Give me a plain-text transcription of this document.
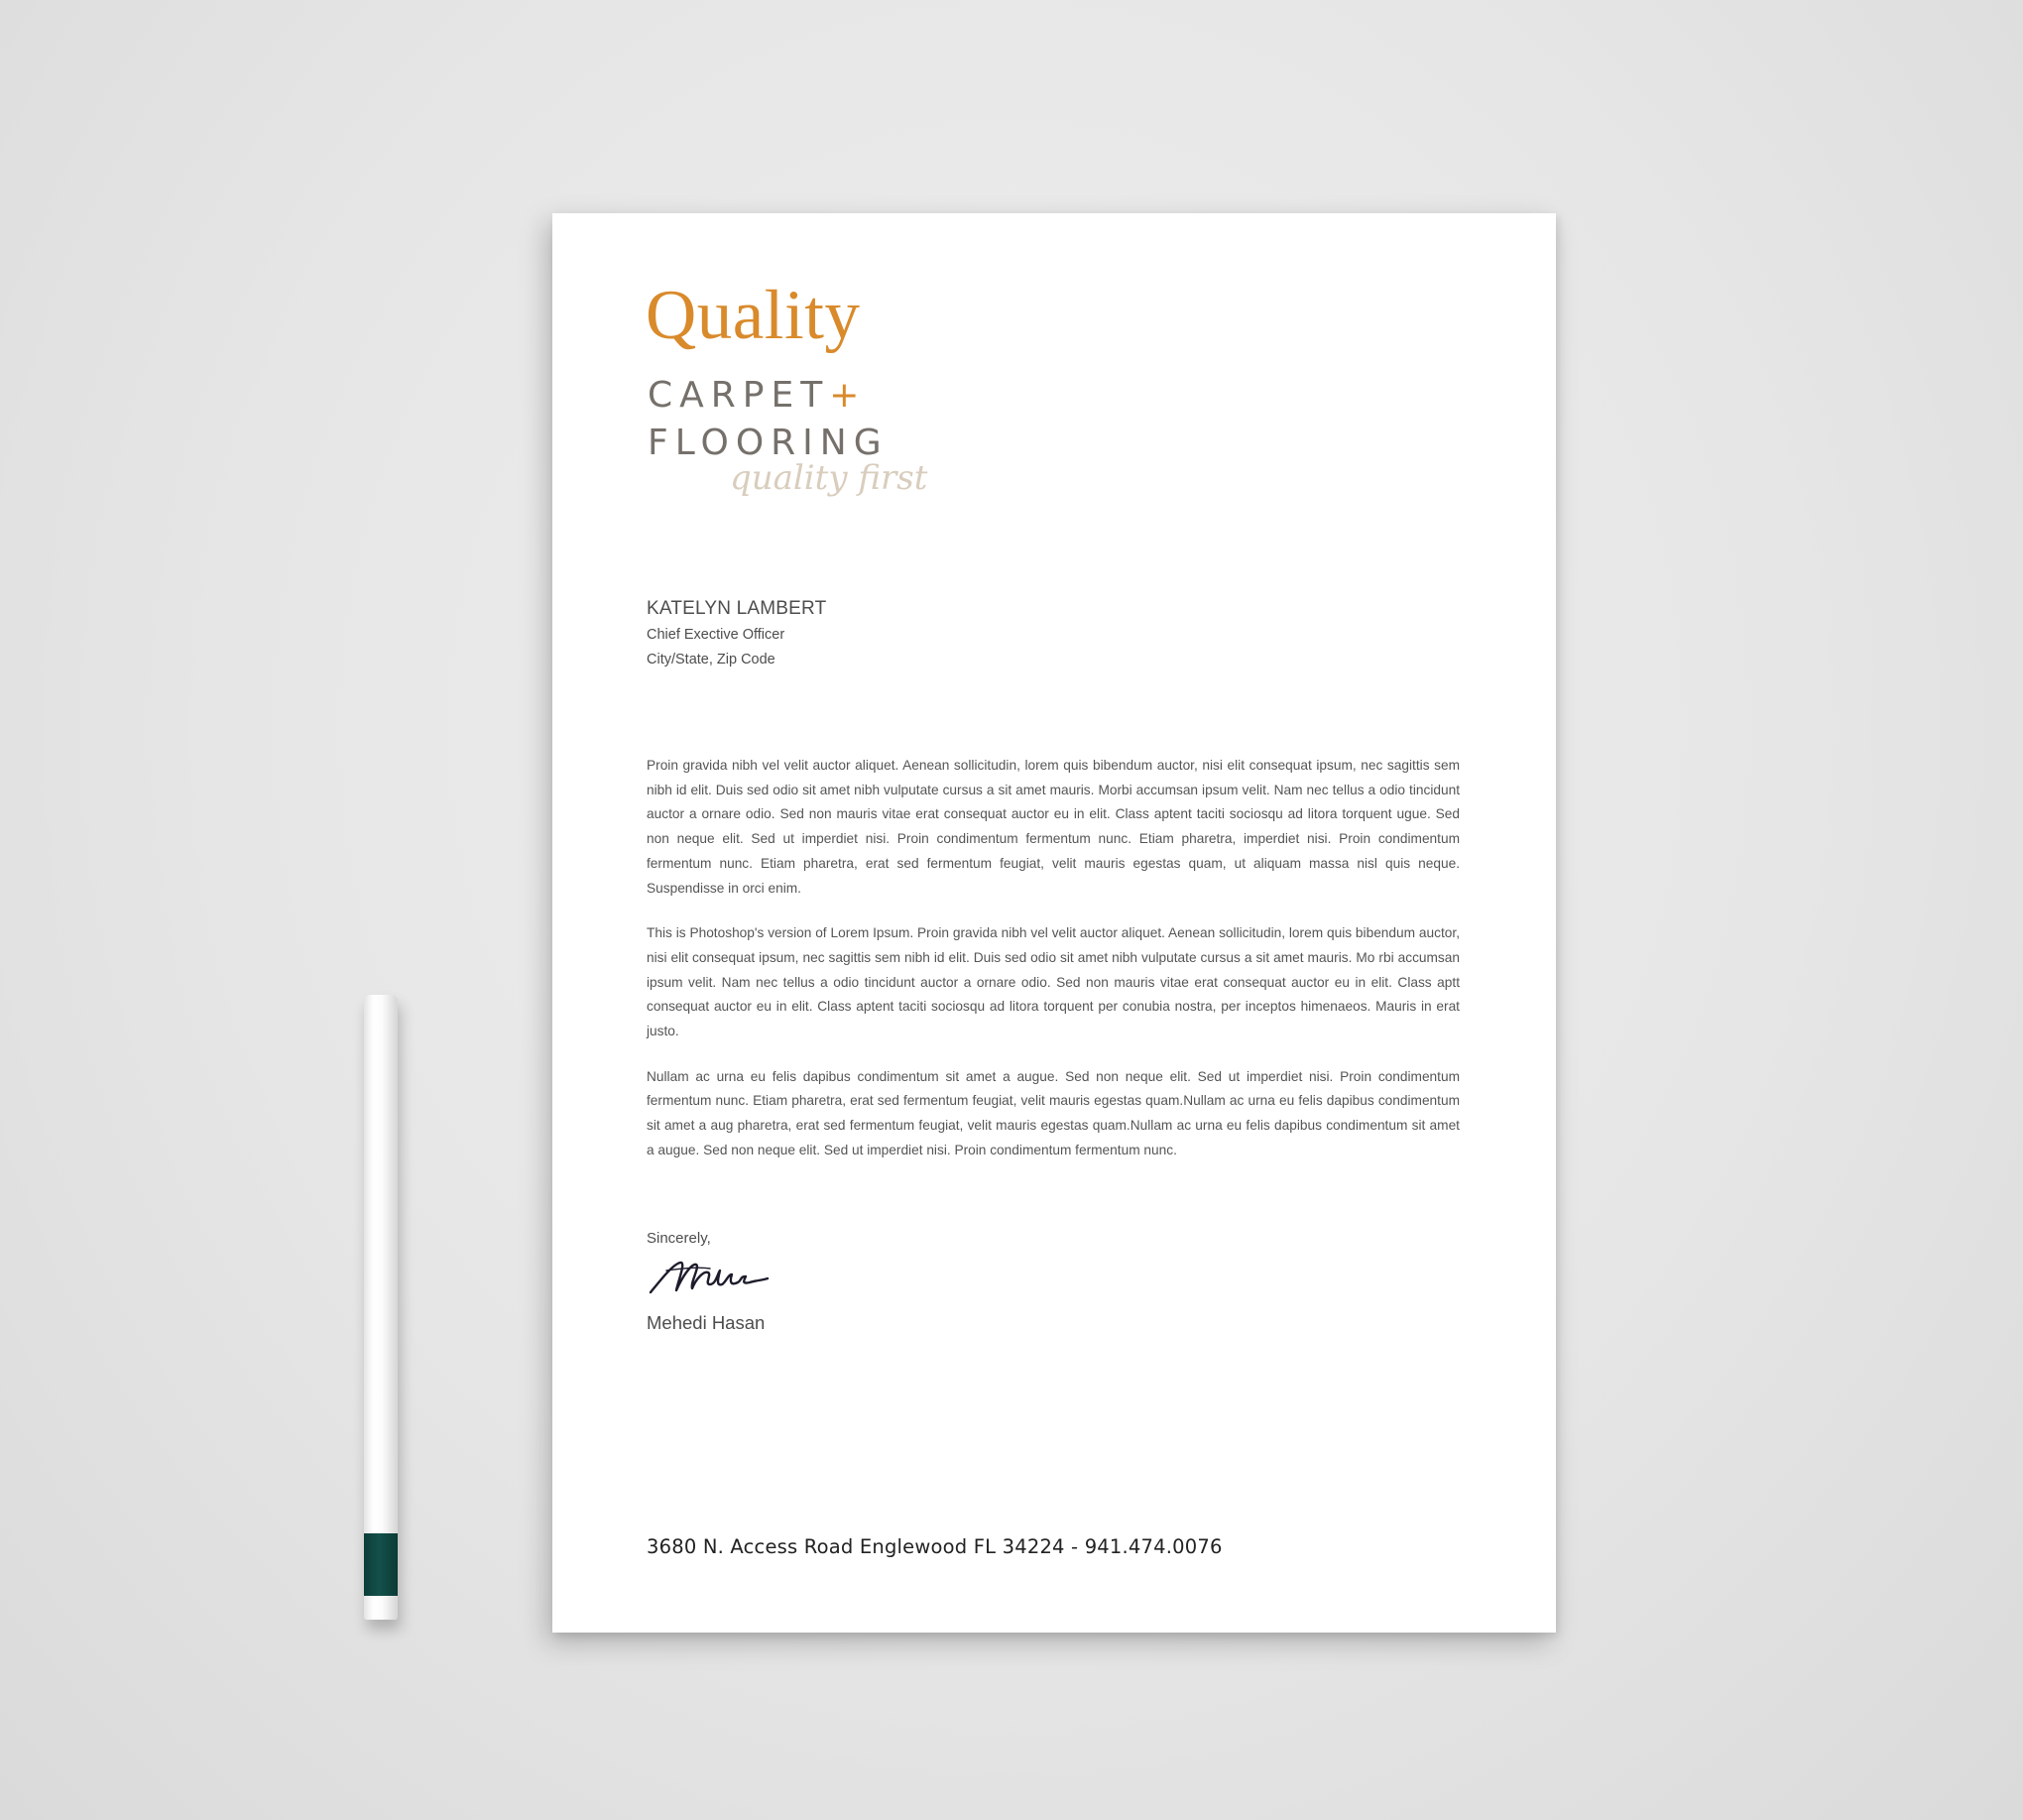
Quality
CARPET+
FLOORING
quality first
KATELYN LAMBERT
Chief Exective Officer
City/State, Zip Code

Proin gravida nibh vel velit auctor aliquet. Aenean sollicitudin, lorem quis bibendum auctor, nisi elit consequat ipsum, nec sagittis sem nibh id elit. Duis sed odio sit amet nibh vulputate cursus a sit amet mauris. Morbi accumsan ipsum velit. Nam nec tellus a odio tincidunt auctor a ornare odio. Sed non mauris vitae erat consequat auctor eu in elit. Class aptent taciti sociosqu ad litora torquent ugue. Sed non neque elit. Sed ut imperdiet nisi. Proin condimentum fermentum nunc. Etiam pharetra, imperdiet nisi. Proin condimentum fermentum nunc. Etiam pharetra, erat sed fermentum feugiat, velit mauris egestas quam, ut aliquam massa nisl quis neque. Suspendisse in orci enim.

This is Photoshop's version of Lorem Ipsum. Proin gravida nibh vel velit auctor aliquet. Aenean sollicitudin, lorem quis bibendum auctor, nisi elit consequat ipsum, nec sagittis sem nibh id elit. Duis sed odio sit amet nibh vulputate cursus a sit amet mauris. Mo rbi accumsan ipsum velit. Nam nec tellus a odio tincidunt auctor a ornare odio. Sed non mauris vitae erat consequat auctor eu in elit. Class aptt consequat auctor eu in elit. Class aptent taciti sociosqu ad litora torquent per conubia nostra, per inceptos himenaeos. Mauris in erat justo.

Nullam ac urna eu felis dapibus condimentum sit amet a augue. Sed non neque elit. Sed ut imperdiet nisi. Proin condimentum fermentum nunc. Etiam pharetra, erat sed fermentum feugiat, velit mauris egestas quam.Nullam ac urna eu felis dapibus condimentum sit amet a aug pharetra, erat sed fermentum feugiat, velit mauris egestas quam.Nullam ac urna eu felis dapibus condimentum sit amet a augue. Sed non neque elit. Sed ut imperdiet nisi. Proin condimentum fermentum nunc.

Sincerely,
Mehedi Hasan
3680 N. Access Road Englewood FL 34224 - 941.474.0076
